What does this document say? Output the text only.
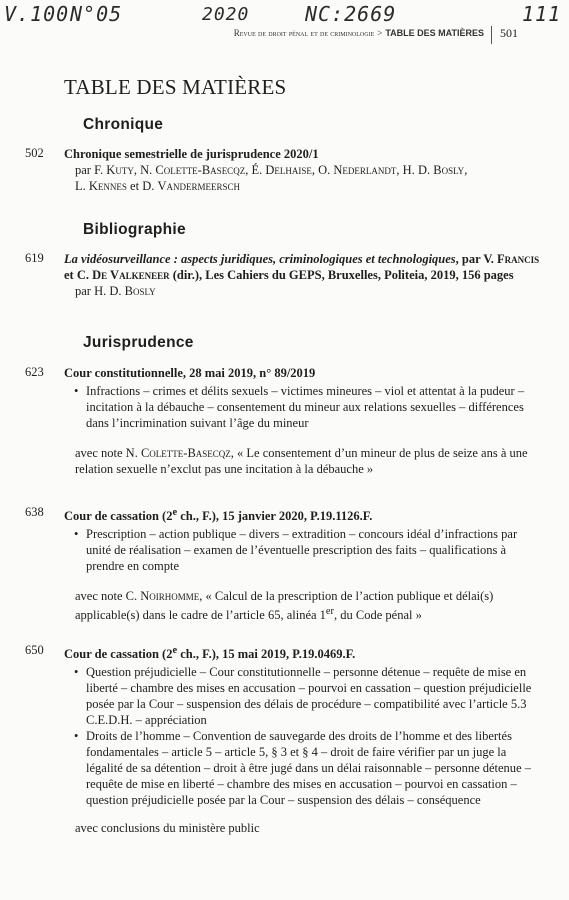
V.100 N°05	2020	NC:2669	111
Revue de droit pénal et de criminologie > TABLE DES MATIÈRES	501
TABLE DES MATIÈRES
Chronique
502 Chronique semestrielle de jurisprudence 2020/1
par F. Kuty, N. Colette-Basecqz, É. Delhaise, O. Nederlandt, H. D. Bosly,
L. Kennes et D. Vandermeersch
Bibliographie
619 La vidéosurveillance : aspects juridiques, criminologiques et technologiques, par V. Francis et C. De Valkeneer (dir.), Les Cahiers du GEPS, Bruxelles, Politeia, 2019, 156 pages
par H. D. Bosly
Jurisprudence
623 Cour constitutionnelle, 28 mai 2019, n° 89/2019
• Infractions – crimes et délits sexuels – victimes mineures – viol et attentat à la pudeur – incitation à la débauche – consentement du mineur aux relations sexuelles – différences dans l’incrimination suivant l’âge du mineur
avec note N. Colette-Basecqz, « Le consentement d’un mineur de plus de seize ans à une relation sexuelle n’exclut pas une incitation à la débauche »
638 Cour de cassation (2e ch., F.), 15 janvier 2020, P.19.1126.F.
• Prescription – action publique – divers – extradition – concours idéal d’infractions par unité de réalisation – examen de l’éventuelle prescription des faits – qualifications à prendre en compte
avec note C. Noirhomme, « Calcul de la prescription de l’action publique et délai(s) applicable(s) dans le cadre de l’article 65, alinéa 1er, du Code pénal »
650 Cour de cassation (2e ch., F.), 15 mai 2019, P.19.0469.F.
• Question préjudicielle – Cour constitutionnelle – personne détenue – requête de mise en liberté – chambre des mises en accusation – pourvoi en cassation – question préjudicielle posée par la Cour – suspension des délais de procédure – compatibilité avec l’article 5.3 C.E.D.H. – appréciation
• Droits de l’homme – Convention de sauvegarde des droits de l’homme et des libertés fondamentales – article 5 – article 5, § 3 et § 4 – droit de faire vérifier par un juge la légalité de sa détention – droit à être jugé dans un délai raisonnable – personne détenue – requête de mise en liberté – chambre des mises en accusation – pourvoi en cassation – question préjudicielle posée par la Cour – suspension des délais – conséquence
avec conclusions du ministère public
